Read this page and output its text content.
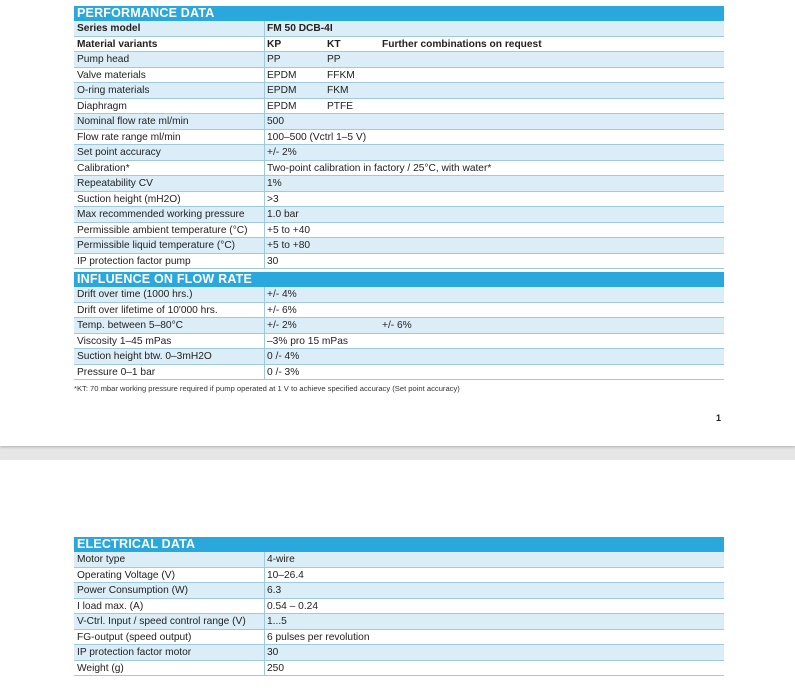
PERFORMANCE DATA
Series model	FM 50 DCB-4I
Material variants	KP	KT	Further combinations on request
Pump head	PP	PP
Valve materials	EPDM	FFKM
O-ring materials	EPDM	FKM
Diaphragm	EPDM	PTFE
Nominal flow rate ml/min	500
Flow rate range ml/min	100–500 (Vctrl 1–5 V)
Set point accuracy	+/- 2%
Calibration*	Two-point calibration in factory / 25°C, with water*
Repeatability CV	1%
Suction height (mH2O)	>3
Max recommended working pressure 1.0 bar
Permissible ambient temperature (°C) +5 to +40
Permissible liquid temperature (°C)	+5 to +80
IP protection factor pump	30
INFLUENCE ON FLOW RATE
Drift over time (1000 hrs.)	+/- 4%
Drift over lifetime of 10'000 hrs.	+/- 6%
Temp. between 5–80°C	+/- 2%	+/- 6%
Viscosity 1–45 mPas	–3% pro 15 mPas
Suction height btw. 0–3mH2O	0 /- 4%
Pressure 0–1 bar	0 /- 3%
*KT: 70 mbar working pressure required if pump operated at 1 V to achieve specified accuracy (Set point accuracy)
1
ELECTRICAL DATA
Motor type	4-wire
Operating Voltage (V)	10–26.4
Power Consumption (W)	6.3
I load max. (A)	0.54 – 0.24
V-Ctrl. Input / speed control range (V) 1...5
FG-output (speed output)	6 pulses per revolution
IP protection factor motor	30
Weight (g)	250
